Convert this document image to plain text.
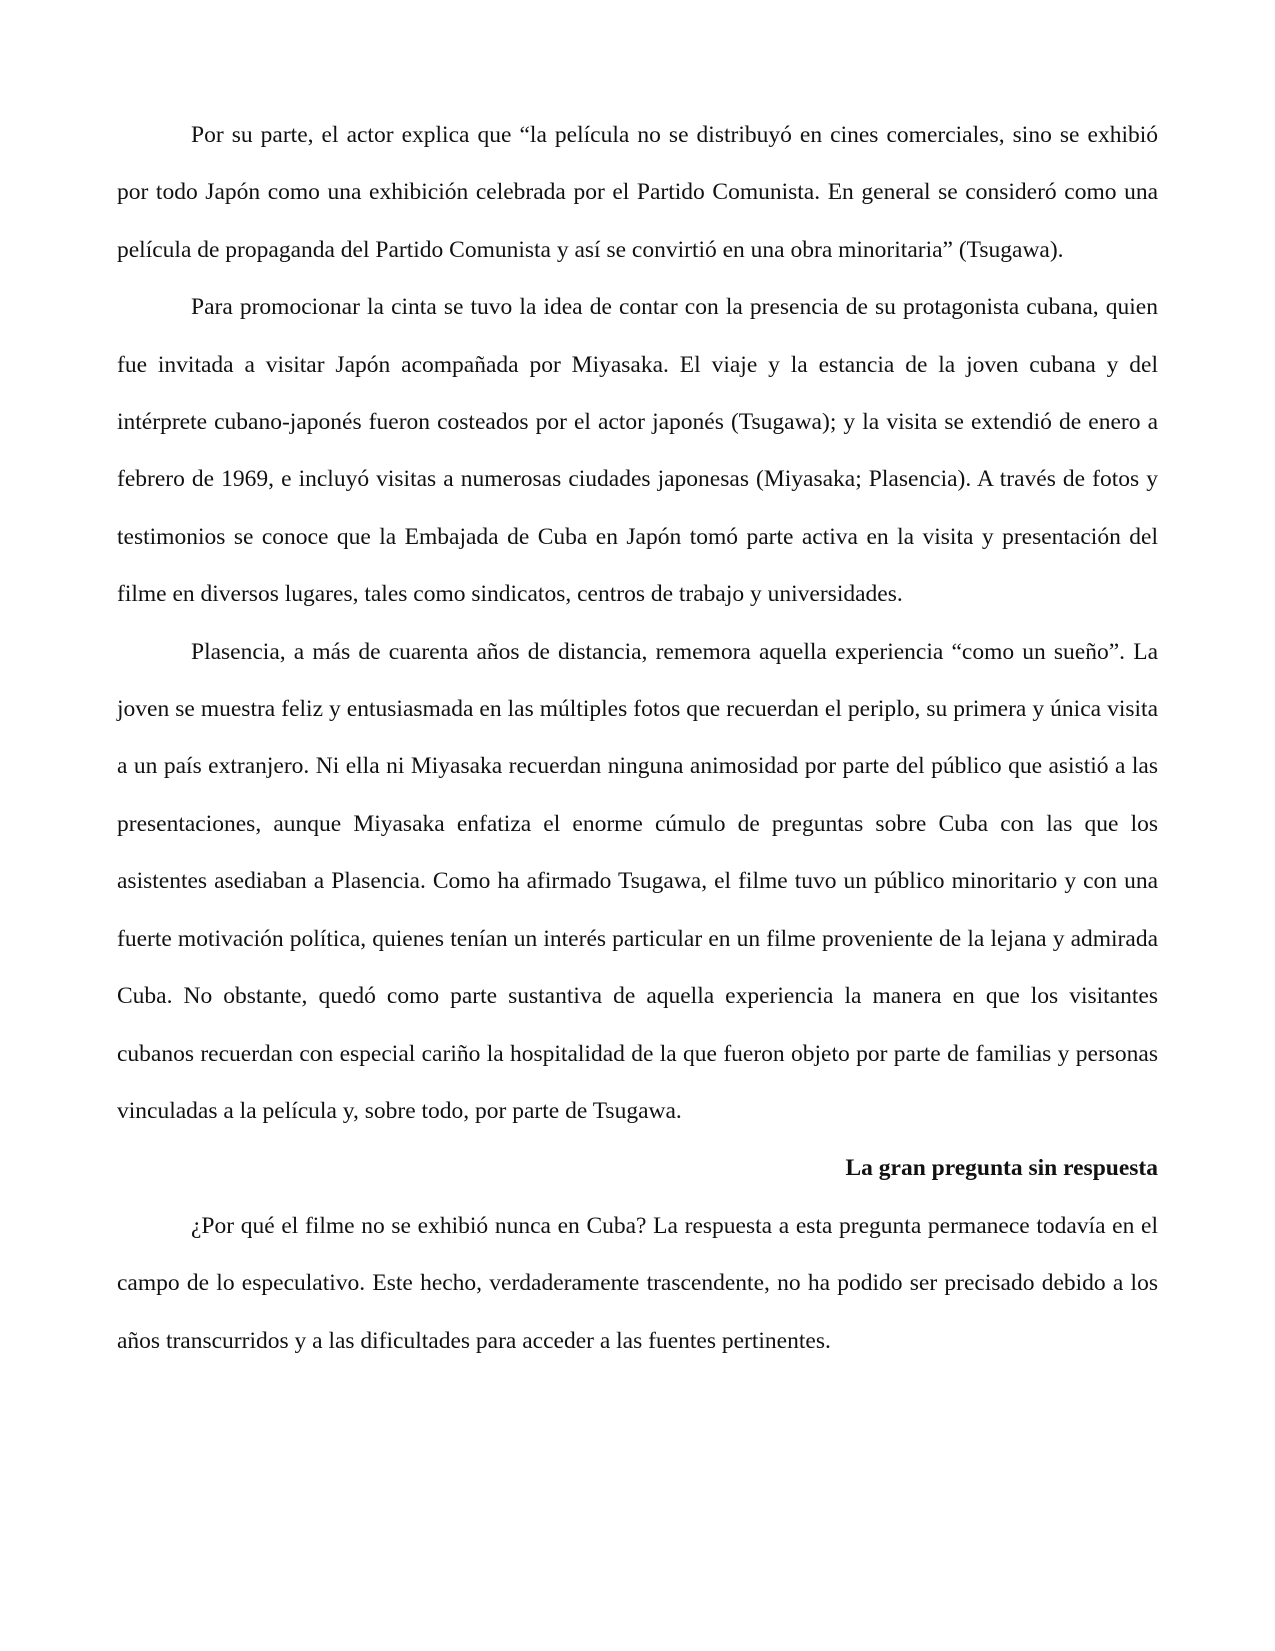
Por su parte, el actor explica que “la película no se distribuyó en cines comerciales, sino se exhibió por todo Japón como una exhibición celebrada por el Partido Comunista. En general se consideró como una película de propaganda del Partido Comunista y así se convirtió en una obra minoritaria” (Tsugawa).

Para promocionar la cinta se tuvo la idea de contar con la presencia de su protagonista cubana, quien fue invitada a visitar Japón acompañada por Miyasaka. El viaje y la estancia de la joven cubana y del intérprete cubano-japonés fueron costeados por el actor japonés (Tsugawa); y la visita se extendió de enero a febrero de 1969, e incluyó visitas a numerosas ciudades japonesas (Miyasaka; Plasencia). A través de fotos y testimonios se conoce que la Embajada de Cuba en Japón tomó parte activa en la visita y presentación del filme en diversos lugares, tales como sindicatos, centros de trabajo y universidades.

Plasencia, a más de cuarenta años de distancia, rememora aquella experiencia “como un sueño”. La joven se muestra feliz y entusiasmada en las múltiples fotos que recuerdan el periplo, su primera y única visita a un país extranjero. Ni ella ni Miyasaka recuerdan ninguna animosidad por parte del público que asistió a las presentaciones, aunque Miyasaka enfatiza el enorme cúmulo de preguntas sobre Cuba con las que los asistentes asediaban a Plasencia. Como ha afirmado Tsugawa, el filme tuvo un público minoritario y con una fuerte motivación política, quienes tenían un interés particular en un filme proveniente de la lejana y admirada Cuba. No obstante, quedó como parte sustantiva de aquella experiencia la manera en que los visitantes cubanos recuerdan con especial cariño la hospitalidad de la que fueron objeto por parte de familias y personas vinculadas a la película y, sobre todo, por parte de Tsugawa.

La gran pregunta sin respuesta

¿Por qué el filme no se exhibió nunca en Cuba? La respuesta a esta pregunta permanece todavía en el campo de lo especulativo. Este hecho, verdaderamente trascendente, no ha podido ser precisado debido a los años transcurridos y a las dificultades para acceder a las fuentes pertinentes.
